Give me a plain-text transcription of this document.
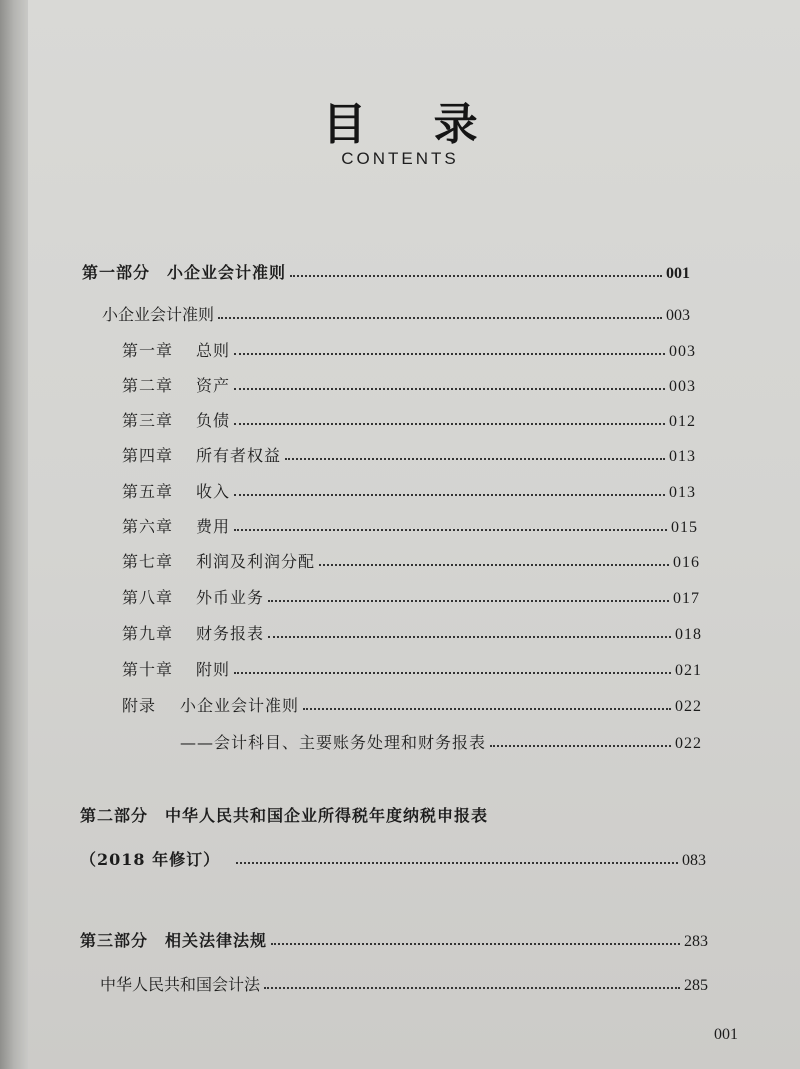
目 录
CONTENTS
第一部分　小企业会计准则	001
小企业会计准则	003
第一章 总则	003
第二章 资产	003
第三章 负债	012
第四章 所有者权益	013
第五章 收入	013
第六章 费用	015
第七章 利润及利润分配	016
第八章 外币业务	017
第九章 财务报表	018
第十章 附则	021
附录 小企业会计准则	022
——会计科目、主要账务处理和财务报表	022
第二部分　中华人民共和国企业所得税年度纳税申报表
（2018 年修订）	083
第三部分　相关法律法规	283
中华人民共和国会计法	285
001
